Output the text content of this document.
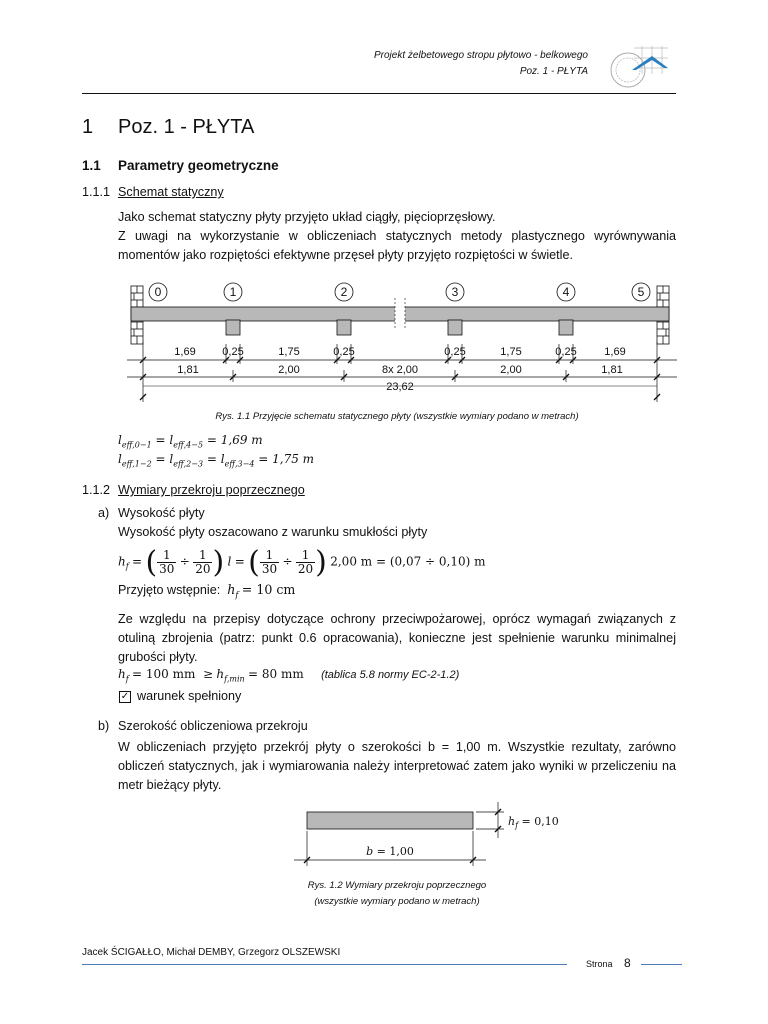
Projekt żelbetowego stropu płytowo - belkowego
Poz. 1 - PŁYTA
1 Poz. 1 - PŁYTA
1.1 Parametry geometryczne
1.1.1 Schemat statyczny
Jako schemat statyczny płyty przyjęto układ ciągły, pięcioprzęsłowy.
Z uwagi na wykorzystanie w obliczeniach statycznych metody plastycznego wyrównywania momentów jako rozpiętości efektywne przęseł płyty przyjęto rozpiętości w świetle.
0	1	2	3	4	5
1,69 0,25	1,75	0,25	0,25	1,75	0,25	1,69
1,81	2,00	8x 2,00	2,00	1,81
23,62
Rys. 1.1 Przyjęcie schematu statycznego płyty (wszystkie wymiary podano w metrach)
$l_{eff,0-1} = l_{eff,4-5} = 1,69$ m
$l_{eff,1-2} = l_{eff,2-3} = l_{eff,3-4} = 1,75$ m
1.1.2 Wymiary przekroju poprzecznego
a) Wysokość płyty
Wysokość płyty oszacowano z warunku smukłości płyty
$h_f$ = ( $\frac{1}{30} \div \frac{1}{20}$ ) l = ( $\frac{1}{30} \div \frac{1}{20}$ ) 2,00 m = (0,07 ÷ 0,10) m
Przyjęto wstępnie: $h_f = 10$ cm
Ze względu na przepisy dotyczące ochrony przeciwpożarowej, oprócz wymagań związanych z otuliną zbrojenia (patrz: punkt 0.6 opracowania), konieczne jest spełnienie warunku minimalnej grubości płyty.
$h_f = 100$ mm  ≥ $h_{f,min} = 80$ mm (tablica 5.8 normy EC-2-1.2)
✓ warunek spełniony
b) Szerokość obliczeniowa przekroju
W obliczeniach przyjęto przekrój płyty o szerokości b = 1,00 m. Wszystkie rezultaty, zarówno obliczeń statycznych, jak i wymiarowania należy interpretować zatem jako wyniki w przeliczeniu na metr bieżący płyty.
b = 1,00
$h_f = 0,10$
Rys. 1.2 Wymiary przekroju poprzecznego
(wszystkie wymiary podano w metrach)
Jacek ŚCIGAŁŁO, Michał DEMBY, Grzegorz OLSZEWSKI
Strona 8
